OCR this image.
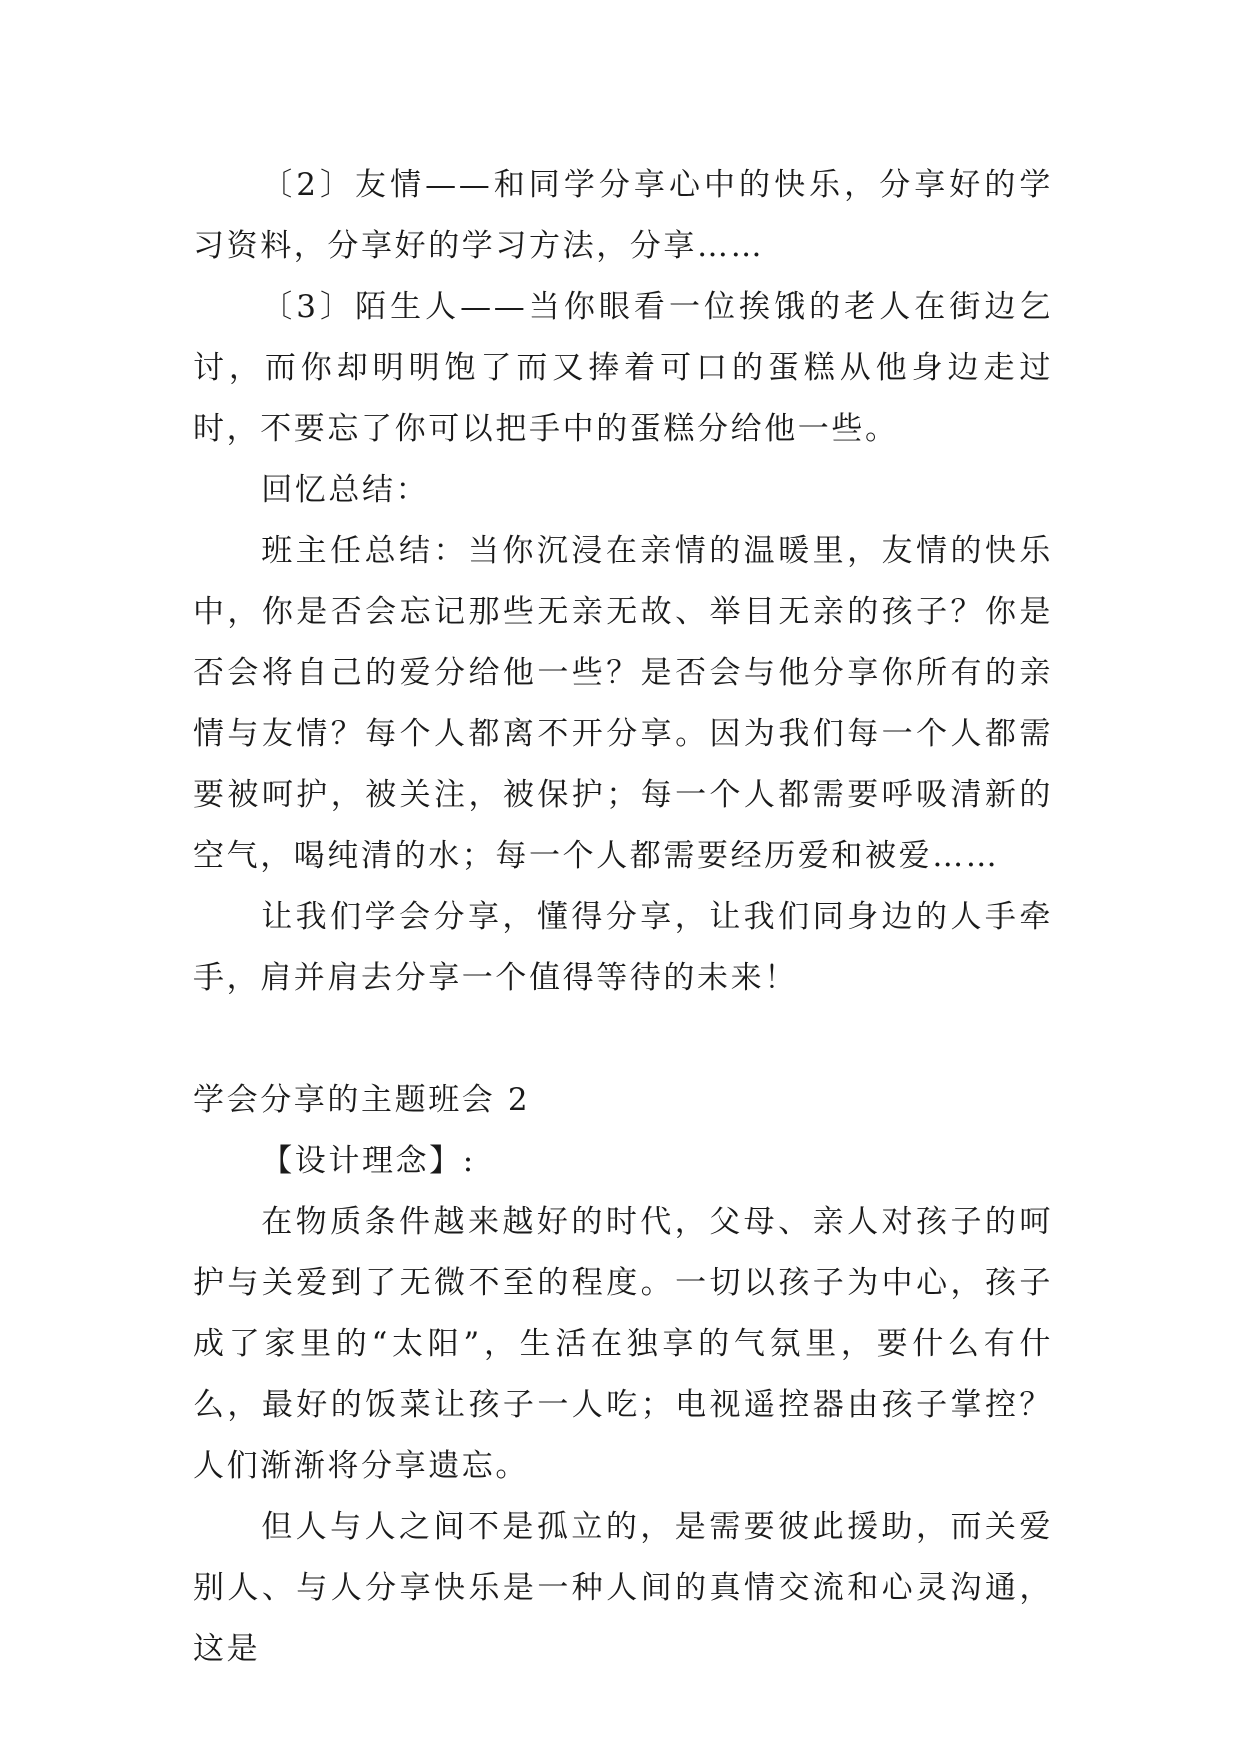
〔2〕友情——和同学分享心中的快乐，分享好的学习资料，分享好的学习方法，分享……

〔3〕陌生人——当你眼看一位挨饿的老人在街边乞讨，而你却明明饱了而又捧着可口的蛋糕从他身边走过时，不要忘了你可以把手中的蛋糕分给他一些。

回忆总结：

班主任总结：当你沉浸在亲情的温暖里，友情的快乐中，你是否会忘记那些无亲无故、举目无亲的孩子？你是否会将自己的爱分给他一些？是否会与他分享你所有的亲情与友情？每个人都离不开分享。因为我们每一个人都需要被呵护，被关注，被保护；每一个人都需要呼吸清新的空气，喝纯清的水；每一个人都需要经历爱和被爱……

让我们学会分享，懂得分享，让我们同身边的人手牵手，肩并肩去分享一个值得等待的未来！

学会分享的主题班会 2

【设计理念】:

在物质条件越来越好的时代，父母、亲人对孩子的呵护与关爱到了无微不至的程度。一切以孩子为中心，孩子成了家里的“太阳”，生活在独享的气氛里，要什么有什么，最好的饭菜让孩子一人吃；电视遥控器由孩子掌控？人们渐渐将分享遗忘。

但人与人之间不是孤立的，是需要彼此援助，而关爱别人、与人分享快乐是一种人间的真情交流和心灵沟通，这是
